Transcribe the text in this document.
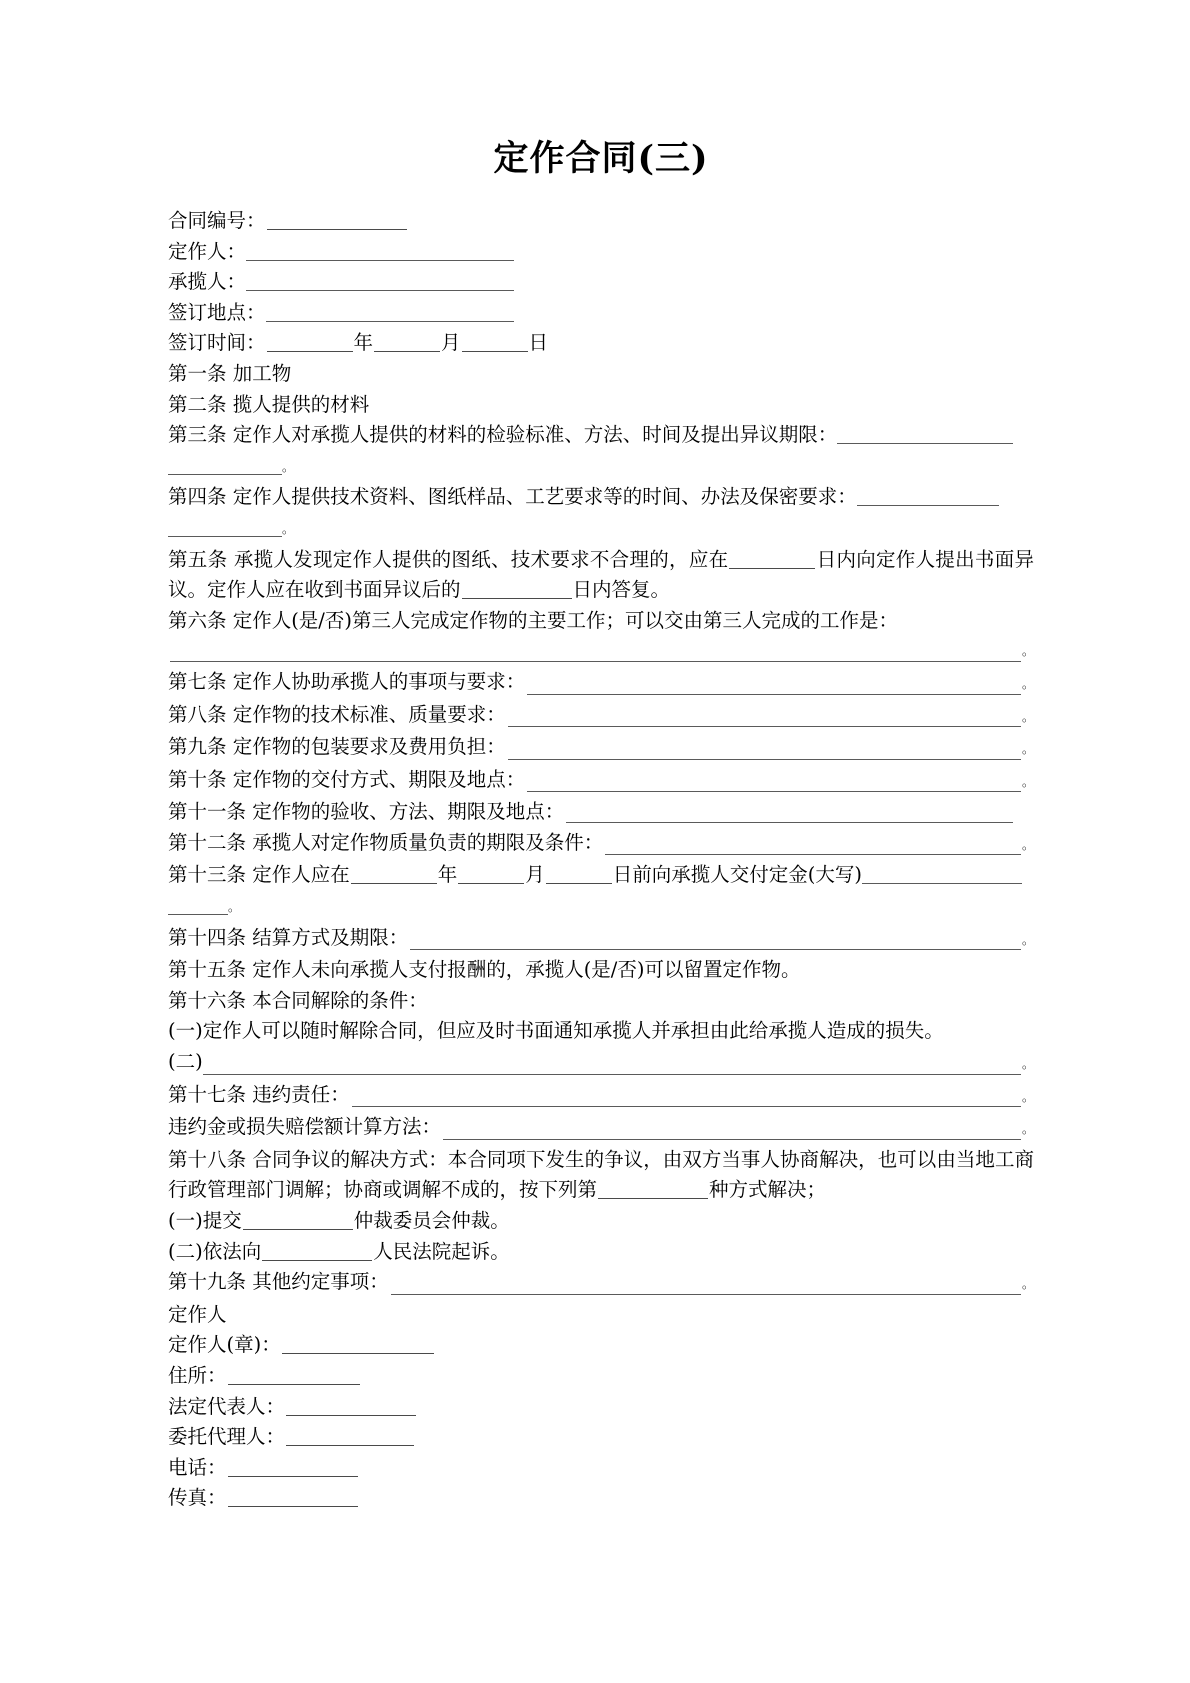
定作合同(三)
合同编号：
定作人：
承揽人：
签订地点：
签订时间：	年	月	日
第一条 加工物
第二条 揽人提供的材料
第三条 定作人对承揽人提供的材料的检验标准、方法、时间及提出异议期限：
。
第四条 定作人提供技术资料、图纸样品、工艺要求等的时间、办法及保密要求：
。
第五条 承揽人发现定作人提供的图纸、技术要求不合理的，应在	日内向定作人提出书面异议。定作人应在收到书面异议后的	日内答复。
第六条 定作人(是/否)第三人完成定作物的主要工作；可以交由第三人完成的工作是：
。
第七条 定作人协助承揽人的事项与要求：	。
第八条 定作物的技术标准、质量要求：	。
第九条 定作物的包装要求及费用负担：	。
第十条 定作物的交付方式、期限及地点：	。
第十一条 定作物的验收、方法、期限及地点：
第十二条 承揽人对定作物质量负责的期限及条件：	。
第十三条 定作人应在	年	月	日前向承揽人交付定金(大写)
。
第十四条 结算方式及期限：	。
第十五条 定作人未向承揽人支付报酬的，承揽人(是/否)可以留置定作物。
第十六条 本合同解除的条件：
(一)定作人可以随时解除合同，但应及时书面通知承揽人并承担由此给承揽人造成的损失。
(二)	。
第十七条 违约责任：	。
违约金或损失赔偿额计算方法：	。
第十八条 合同争议的解决方式：本合同项下发生的争议，由双方当事人协商解决，也可以由当地工商行政管理部门调解；协商或调解不成的，按下列第	种方式解决；
(一)提交	仲裁委员会仲裁。
(二)依法向	人民法院起诉。
第十九条 其他约定事项：	。
定作人
定作人(章)：
住所：
法定代表人：
委托代理人：
电话：
传真：
